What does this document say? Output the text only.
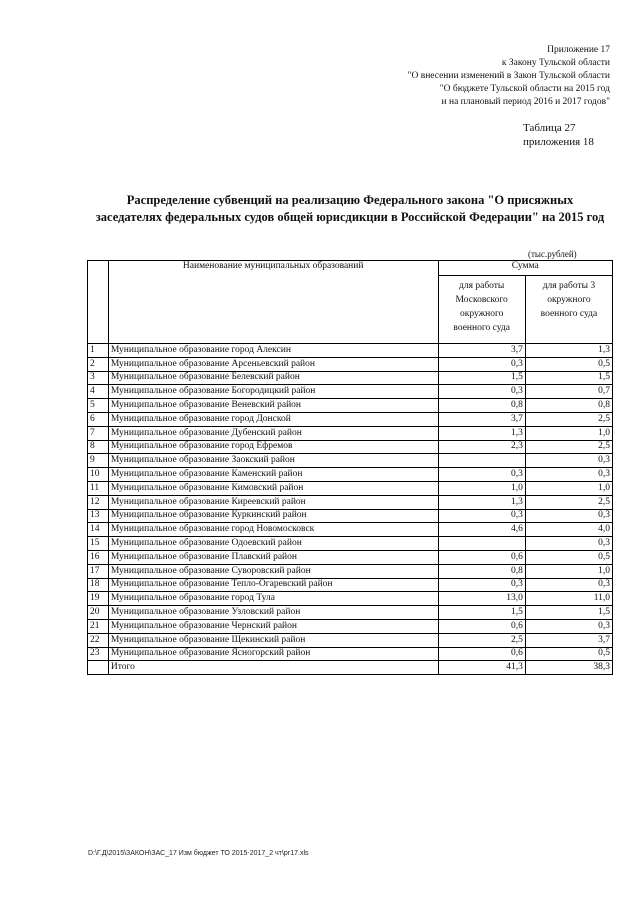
Приложение 17
к Закону Тульской области
"О внесении изменений в Закон Тульской области
"О бюджете Тульской области на 2015 год
и на плановый период 2016 и 2017 годов"
Таблица 27
приложения 18
Распределение субвенций на реализацию Федерального закона "О присяжных
заседателях федеральных судов общей юрисдикции в Российской Федерации" на 2015 год
(тыс.рублей)
	Наименование муниципальных образований	Сумма	
		для работы Московского окружного военного суда	для работы 3 окружного военного суда
1	Муниципальное образование город Алексин	3,7	1,3
2	Муниципальное образование Арсеньевский район	0,3	0,5
3	Муниципальное образование Белевский район	1,5	1,5
4	Муниципальное образование Богородицкий район	0,3	0,7
5	Муниципальное образование Веневский район	0,8	0,8
6	Муниципальное образование город Донской	3,7	2,5
7	Муниципальное образование Дубенский район	1,3	1,0
8	Муниципальное образование город Ефремов	2,3	2,5
9	Муниципальное образование Заокский район		0,3
10	Муниципальное образование Каменский район	0,3	0,3
11	Муниципальное образование Кимовский район	1,0	1,0
12	Муниципальное образование Киреевский район	1,3	2,5
13	Муниципальное образование Куркинский район	0,3	0,3
14	Муниципальное образование город Новомосковск	4,6	4,0
15	Муниципальное образование Одоевский район		0,3
16	Муниципальное образование Плавский район	0,6	0,5
17	Муниципальное образование Суворовский район	0,8	1,0
18	Муниципальное образование Тепло-Огаревский район	0,3	0,3
19	Муниципальное образование город Тула	13,0	11,0
20	Муниципальное образование Узловский район	1,5	1,5
21	Муниципальное образование Чернский район	0,6	0,3
22	Муниципальное образование Щекинский район	2,5	3,7
23	Муниципальное образование Ясногорский район	0,6	0,5
	Итого	41,3	38,3
D:\Г.Д\2015\ЗАКОН\ЗАС_17 Изм бюджет ТО 2015-2017_2 чт\рг17.xls
